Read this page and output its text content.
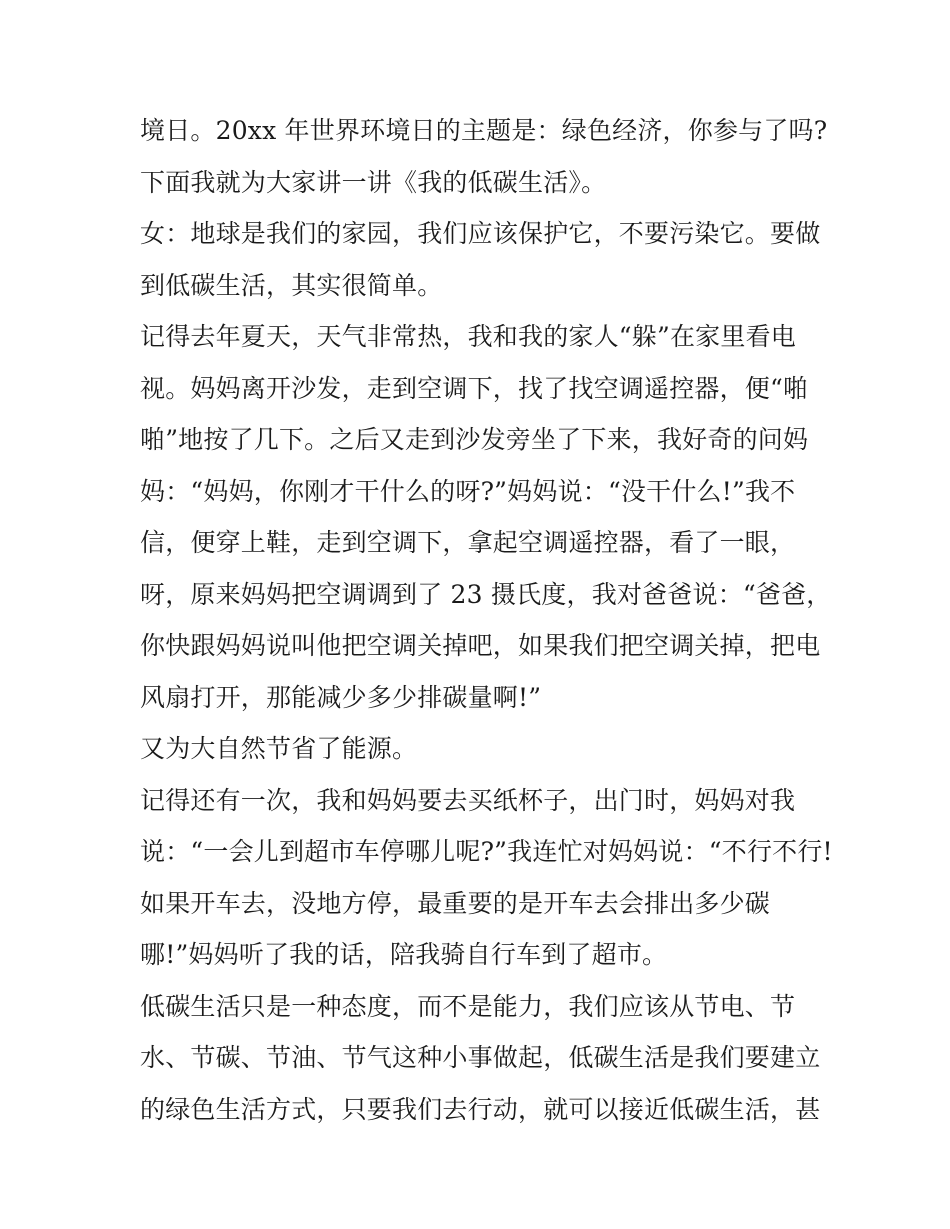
境日。20xx 年世界环境日的主题是：绿色经济，你参与了吗?
下面我就为大家讲一讲《我的低碳生活》。
女：地球是我们的家园，我们应该保护它，不要污染它。要做
到低碳生活，其实很简单。
记得去年夏天，天气非常热，我和我的家人“躲”在家里看电
视。妈妈离开沙发，走到空调下，找了找空调遥控器，便“啪
啪”地按了几下。之后又走到沙发旁坐了下来，我好奇的问妈
妈：“妈妈，你刚才干什么的呀?”妈妈说：“没干什么!”我不
信，便穿上鞋，走到空调下，拿起空调遥控器，看了一眼，
呀，原来妈妈把空调调到了 23 摄氏度，我对爸爸说：“爸爸，
你快跟妈妈说叫他把空调关掉吧，如果我们把空调关掉，把电
风扇打开，那能减少多少排碳量啊!”
又为大自然节省了能源。
记得还有一次，我和妈妈要去买纸杯子，出门时，妈妈对我
说：“一会儿到超市车停哪儿呢?”我连忙对妈妈说：“不行不行!
如果开车去，没地方停，最重要的是开车去会排出多少碳
哪!”妈妈听了我的话，陪我骑自行车到了超市。
低碳生活只是一种态度，而不是能力，我们应该从节电、节
水、节碳、节油、节气这种小事做起，低碳生活是我们要建立
的绿色生活方式，只要我们去行动，就可以接近低碳生活，甚
